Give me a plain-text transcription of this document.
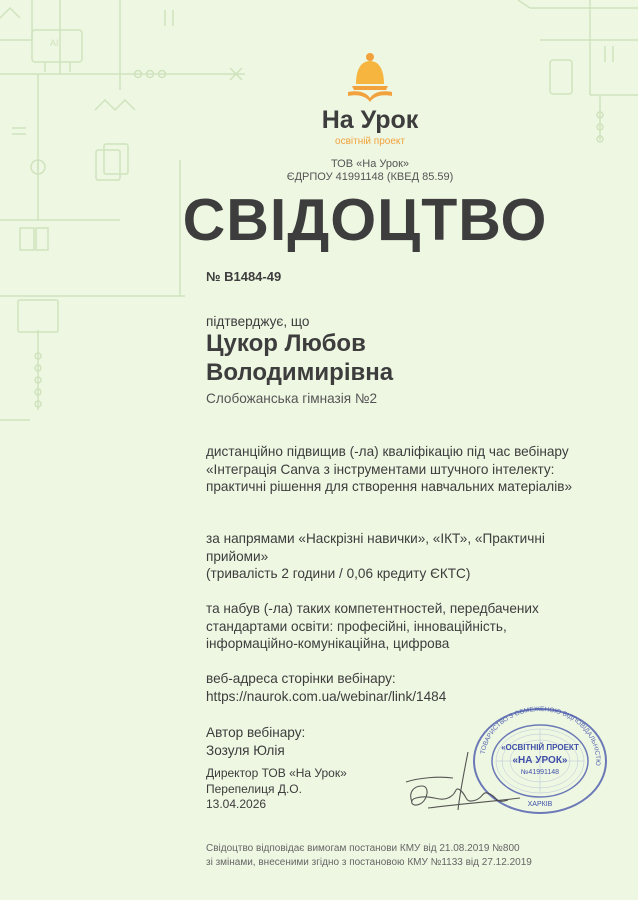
AI
На Урок
освітній проект
ТОВ «На Урок»
ЄДРПОУ 41991148 (КВЕД 85.59)
СВІДОЦТВО
№ B1484-49
підтверджує, що
Цукор Любов
Володимирівна
Слобожанська гімназія №2
дистанційно підвищив (-ла) кваліфікацію під час вебінару «Інтеграція Canva з інструментами штучного інтелекту: практичні рішення для створення навчальних матеріалів»
за напрямами «Наскрізні навички», «ІКТ», «Практичні прийоми»
(тривалість 2 години / 0,06 кредиту ЄКТС)
та набув (-ла) таких компетентностей, передбачених стандартами освіти: професійні, інноваційність, інформаційно-комунікаційна, цифрова
веб-адреса сторінки вебінару:
https://naurok.com.ua/webinar/link/1484
Автор вебінару:
Зозуля Юлія
Директор ТОВ «На Урок»
Перепелиця Д.О.
13.04.2026
ТОВАРИСТВО З ОБМЕЖЕНОЮ ВІДПОВІДАЛЬНІСТЮ
«ОСВІТНІЙ ПРОЕКТ
«НА УРОК»
№41991148
ХАРКІВ
Свідоцтво відповідає вимогам постанови КМУ від 21.08.2019 №800
зі змінами, внесеними згідно з постановою КМУ №1133 від 27.12.2019
